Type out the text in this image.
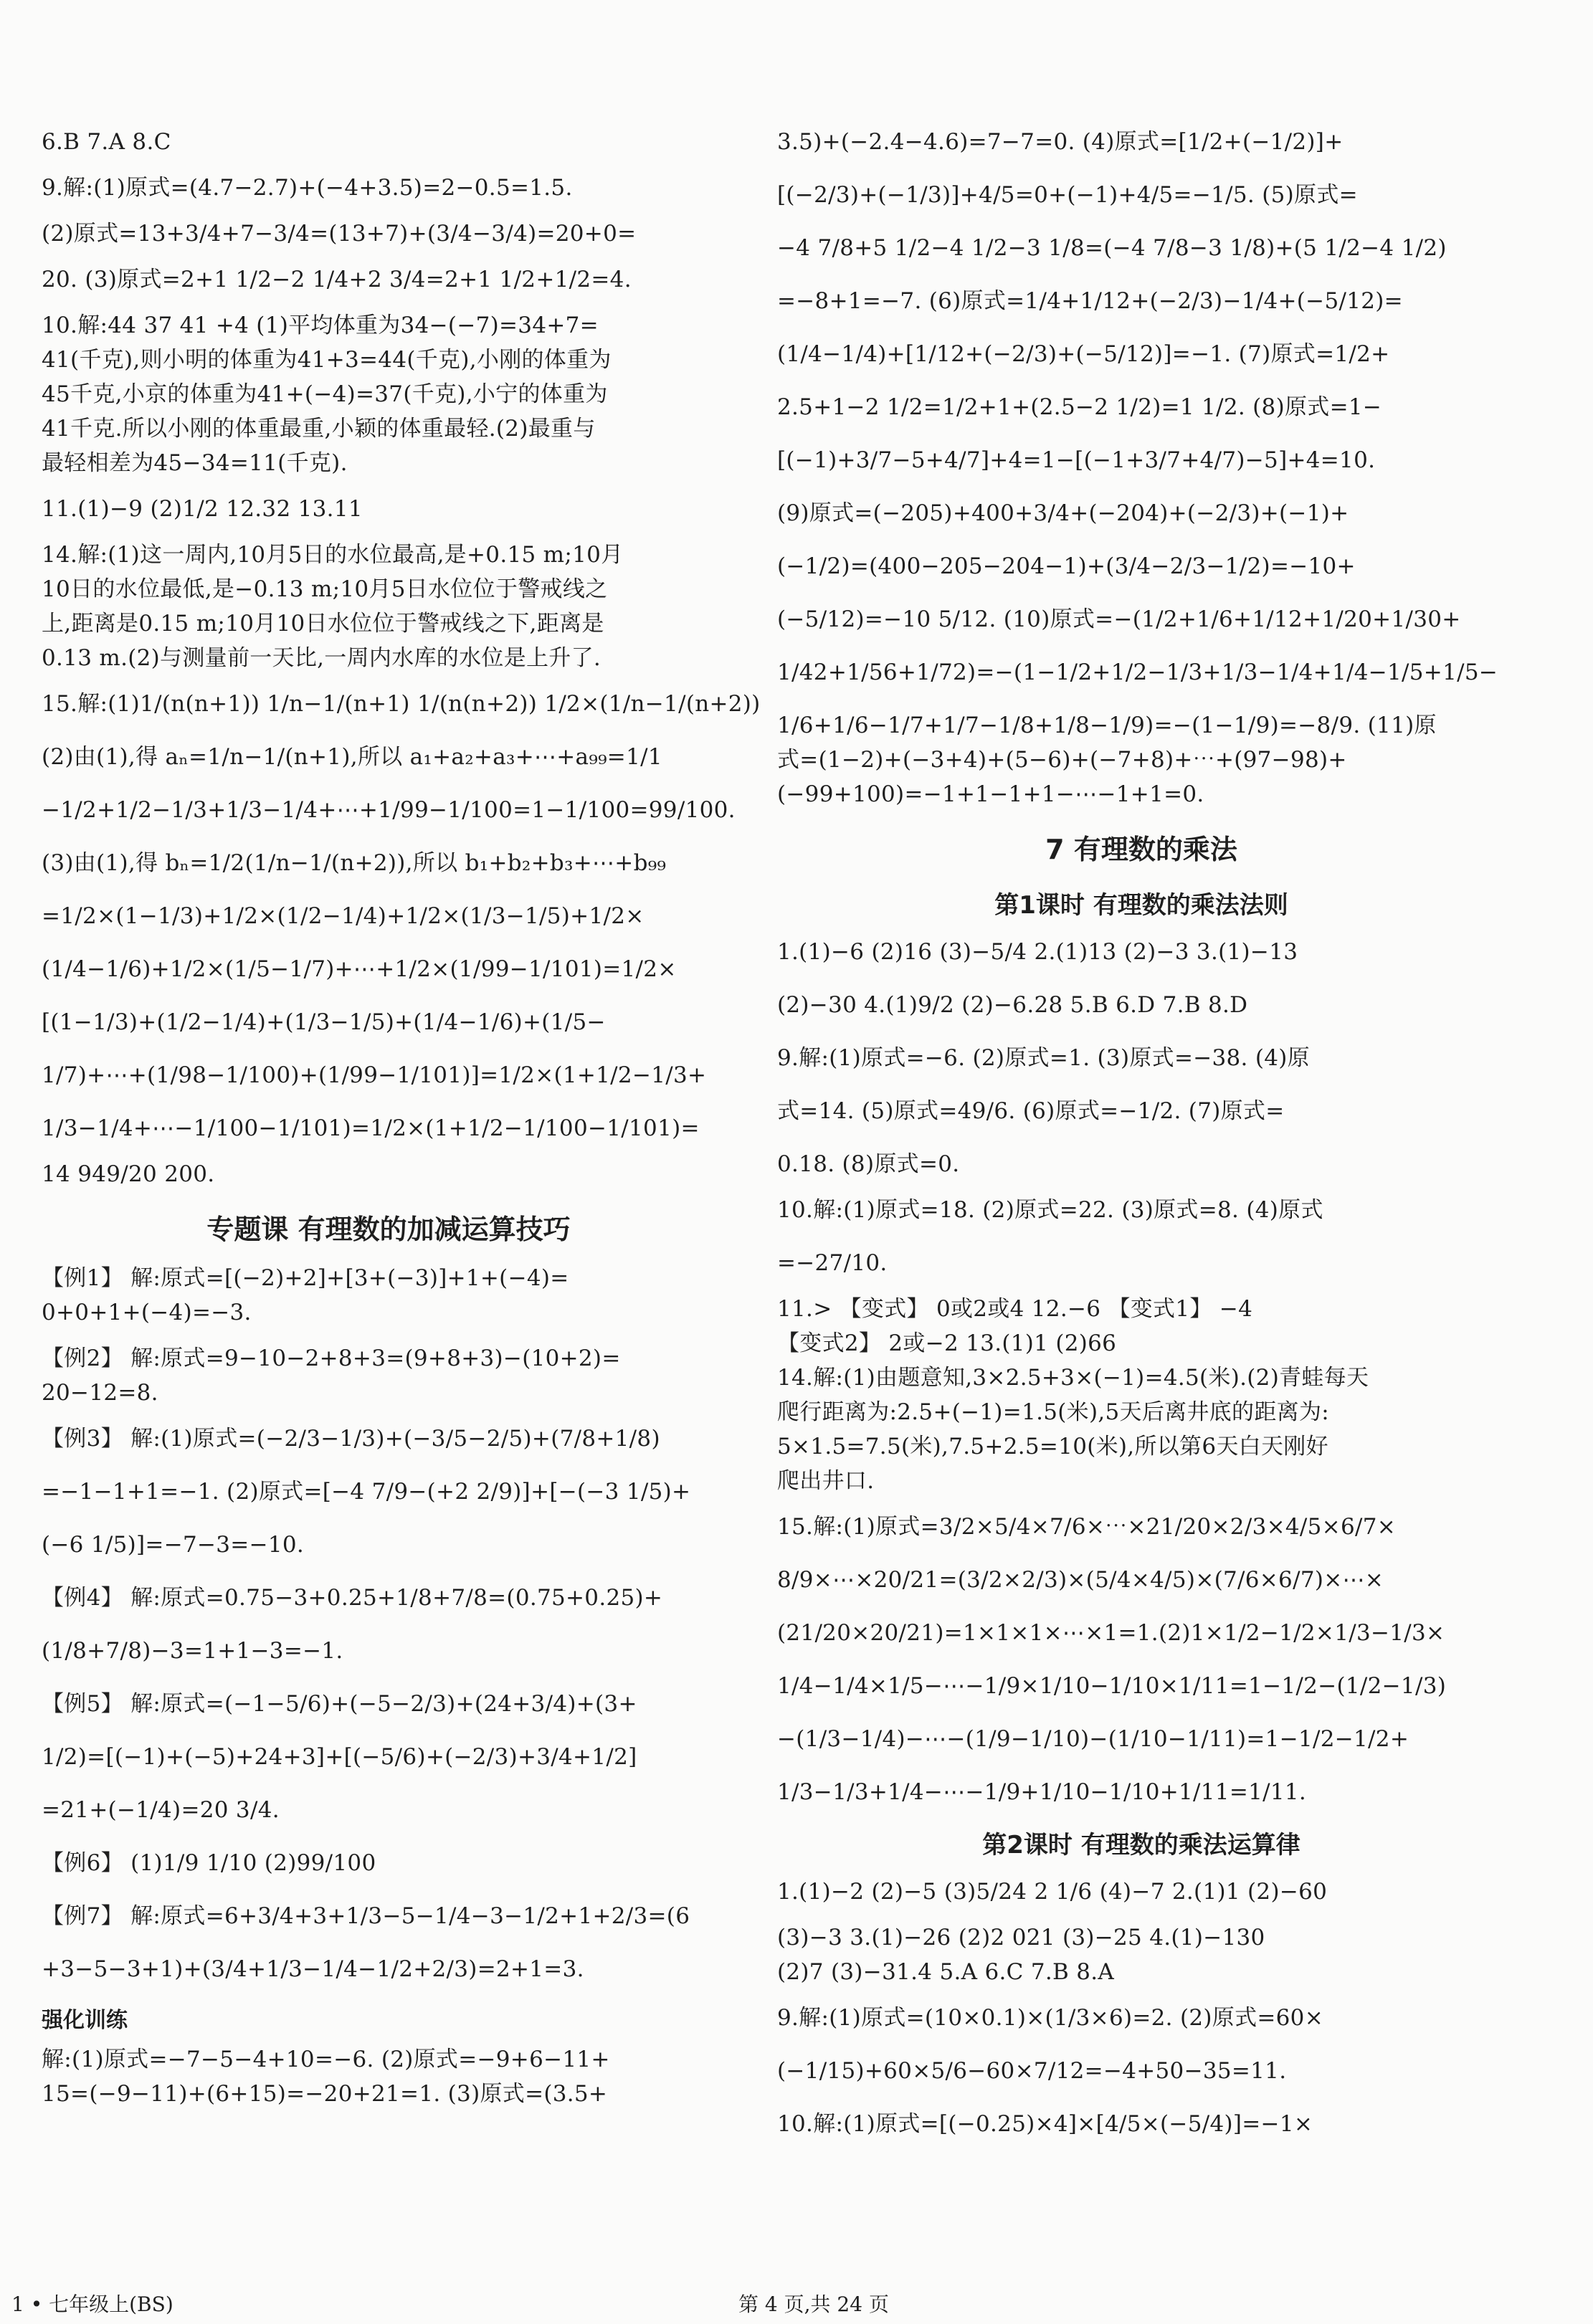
6.B 7.A 8.C
9.解:(1)原式=(4.7−2.7)+(−4+3.5)=2−0.5=1.5.
(2)原式=13+3/4+7−3/4=(13+7)+(3/4−3/4)=20+0=
20. (3)原式=2+1 1/2−2 1/4+2 3/4=2+1 1/2+1/2=4.
10.解:44 37 41 +4 (1)平均体重为34−(−7)=34+7=
41(千克),则小明的体重为41+3=44(千克),小刚的体重为
45千克,小京的体重为41+(−4)=37(千克),小宁的体重为
41千克.所以小刚的体重最重,小颖的体重最轻.(2)最重与
最轻相差为45−34=11(千克).
11.(1)−9 (2)1/2 12.32 13.11
14.解:(1)这一周内,10月5日的水位最高,是+0.15 m;10月
10日的水位最低,是−0.13 m;10月5日水位位于警戒线之
上,距离是0.15 m;10月10日水位位于警戒线之下,距离是
0.13 m.(2)与测量前一天比,一周内水库的水位是上升了.
15.解:(1)1/(n(n+1)) 1/n−1/(n+1) 1/(n(n+2)) 1/2×(1/n−1/(n+2))
(2)由(1),得 aₙ=1/n−1/(n+1),所以 a₁+a₂+a₃+⋯+a₉₉=1/1
−1/2+1/2−1/3+1/3−1/4+⋯+1/99−1/100=1−1/100=99/100.
(3)由(1),得 bₙ=1/2(1/n−1/(n+2)),所以 b₁+b₂+b₃+⋯+b₉₉
=1/2×(1−1/3)+1/2×(1/2−1/4)+1/2×(1/3−1/5)+1/2×
(1/4−1/6)+1/2×(1/5−1/7)+⋯+1/2×(1/99−1/101)=1/2×
[(1−1/3)+(1/2−1/4)+(1/3−1/5)+(1/4−1/6)+(1/5−
1/7)+⋯+(1/98−1/100)+(1/99−1/101)]=1/2×(1+1/2−1/3+
1/3−1/4+⋯−1/100−1/101)=1/2×(1+1/2−1/100−1/101)=
14 949/20 200.
专题课 有理数的加减运算技巧
【例1】 解:原式=[(−2)+2]+[3+(−3)]+1+(−4)=
0+0+1+(−4)=−3.
【例2】 解:原式=9−10−2+8+3=(9+8+3)−(10+2)=
20−12=8.
【例3】 解:(1)原式=(−2/3−1/3)+(−3/5−2/5)+(7/8+1/8)
=−1−1+1=−1. (2)原式=[−4 7/9−(+2 2/9)]+[−(−3 1/5)+
(−6 1/5)]=−7−3=−10.
【例4】 解:原式=0.75−3+0.25+1/8+7/8=(0.75+0.25)+
(1/8+7/8)−3=1+1−3=−1.
【例5】 解:原式=(−1−5/6)+(−5−2/3)+(24+3/4)+(3+
1/2)=[(−1)+(−5)+24+3]+[(−5/6)+(−2/3)+3/4+1/2]
=21+(−1/4)=20 3/4.
【例6】 (1)1/9 1/10 (2)99/100
【例7】 解:原式=6+3/4+3+1/3−5−1/4−3−1/2+1+2/3=(6
+3−5−3+1)+(3/4+1/3−1/4−1/2+2/3)=2+1=3.
强化训练
解:(1)原式=−7−5−4+10=−6. (2)原式=−9+6−11+
15=(−9−11)+(6+15)=−20+21=1. (3)原式=(3.5+
3.5)+(−2.4−4.6)=7−7=0. (4)原式=[1/2+(−1/2)]+
[(−2/3)+(−1/3)]+4/5=0+(−1)+4/5=−1/5. (5)原式=
−4 7/8+5 1/2−4 1/2−3 1/8=(−4 7/8−3 1/8)+(5 1/2−4 1/2)
=−8+1=−7. (6)原式=1/4+1/12+(−2/3)−1/4+(−5/12)=
(1/4−1/4)+[1/12+(−2/3)+(−5/12)]=−1. (7)原式=1/2+
2.5+1−2 1/2=1/2+1+(2.5−2 1/2)=1 1/2. (8)原式=1−
[(−1)+3/7−5+4/7]+4=1−[(−1+3/7+4/7)−5]+4=10.
(9)原式=(−205)+400+3/4+(−204)+(−2/3)+(−1)+
(−1/2)=(400−205−204−1)+(3/4−2/3−1/2)=−10+
(−5/12)=−10 5/12. (10)原式=−(1/2+1/6+1/12+1/20+1/30+
1/42+1/56+1/72)=−(1−1/2+1/2−1/3+1/3−1/4+1/4−1/5+1/5−
1/6+1/6−1/7+1/7−1/8+1/8−1/9)=−(1−1/9)=−8/9. (11)原
式=(1−2)+(−3+4)+(5−6)+(−7+8)+⋯+(97−98)+
(−99+100)=−1+1−1+1−⋯−1+1=0.
7 有理数的乘法
第1课时 有理数的乘法法则
1.(1)−6 (2)16 (3)−5/4 2.(1)13 (2)−3 3.(1)−13
(2)−30 4.(1)9/2 (2)−6.28 5.B 6.D 7.B 8.D
9.解:(1)原式=−6. (2)原式=1. (3)原式=−38. (4)原
式=14. (5)原式=49/6. (6)原式=−1/2. (7)原式=
0.18. (8)原式=0.
10.解:(1)原式=18. (2)原式=22. (3)原式=8. (4)原式
=−27/10.
11.> 【变式】 0或2或4 12.−6 【变式1】 −4
【变式2】 2或−2 13.(1)1 (2)66
14.解:(1)由题意知,3×2.5+3×(−1)=4.5(米).(2)青蛙每天
爬行距离为:2.5+(−1)=1.5(米),5天后离井底的距离为:
5×1.5=7.5(米),7.5+2.5=10(米),所以第6天白天刚好
爬出井口.
15.解:(1)原式=3/2×5/4×7/6×⋯×21/20×2/3×4/5×6/7×
8/9×⋯×20/21=(3/2×2/3)×(5/4×4/5)×(7/6×6/7)×⋯×
(21/20×20/21)=1×1×1×⋯×1=1.(2)1×1/2−1/2×1/3−1/3×
1/4−1/4×1/5−⋯−1/9×1/10−1/10×1/11=1−1/2−(1/2−1/3)
−(1/3−1/4)−⋯−(1/9−1/10)−(1/10−1/11)=1−1/2−1/2+
1/3−1/3+1/4−⋯−1/9+1/10−1/10+1/11=1/11.
第2课时 有理数的乘法运算律
1.(1)−2 (2)−5 (3)5/24 2 1/6 (4)−7 2.(1)1 (2)−60
(3)−3 3.(1)−26 (2)2 021 (3)−25 4.(1)−130
(2)7 (3)−31.4 5.A 6.C 7.B 8.A
9.解:(1)原式=(10×0.1)×(1/3×6)=2. (2)原式=60×
(−1/15)+60×5/6−60×7/12=−4+50−35=11.
10.解:(1)原式=[(−0.25)×4]×[4/5×(−5/4)]=−1×
1 • 七年级上(BS)	第 4 页,共 24 页
